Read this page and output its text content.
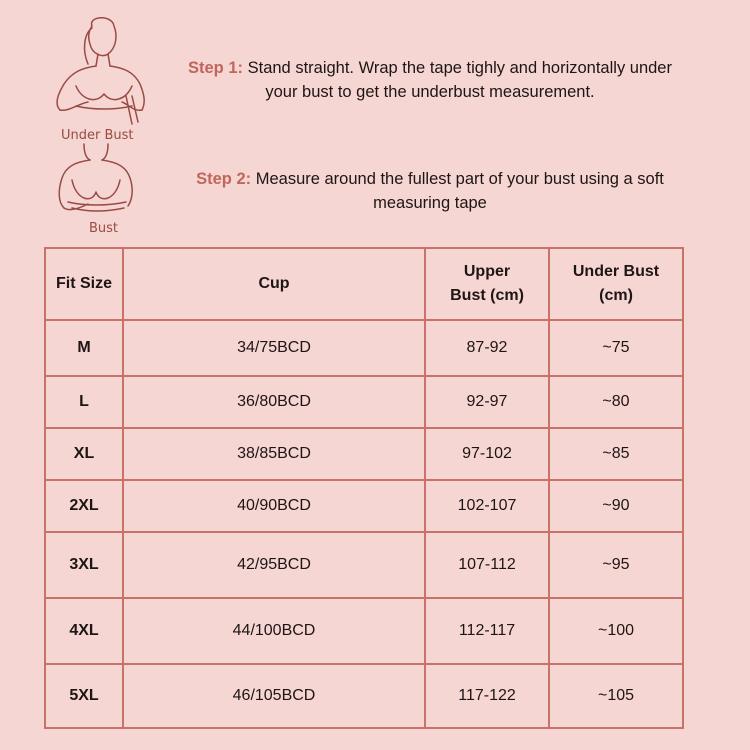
Under Bust
Bust
Step 1: Stand straight. Wrap the tape tighly and horizontally under your bust to get the underbust measurement.
Step 2: Measure around the fullest part of your bust using a soft measuring tape
Fit Size	Cup	Upper Bust (cm)	Under Bust (cm)
M	34/75BCD	87-92	~75
L	36/80BCD	92-97	~80
XL	38/85BCD	97-102	~85
2XL	40/90BCD	102-107	~90
3XL	42/95BCD	107-112	~95
4XL	44/100BCD	112-117	~100
5XL	46/105BCD	117-122	~105
